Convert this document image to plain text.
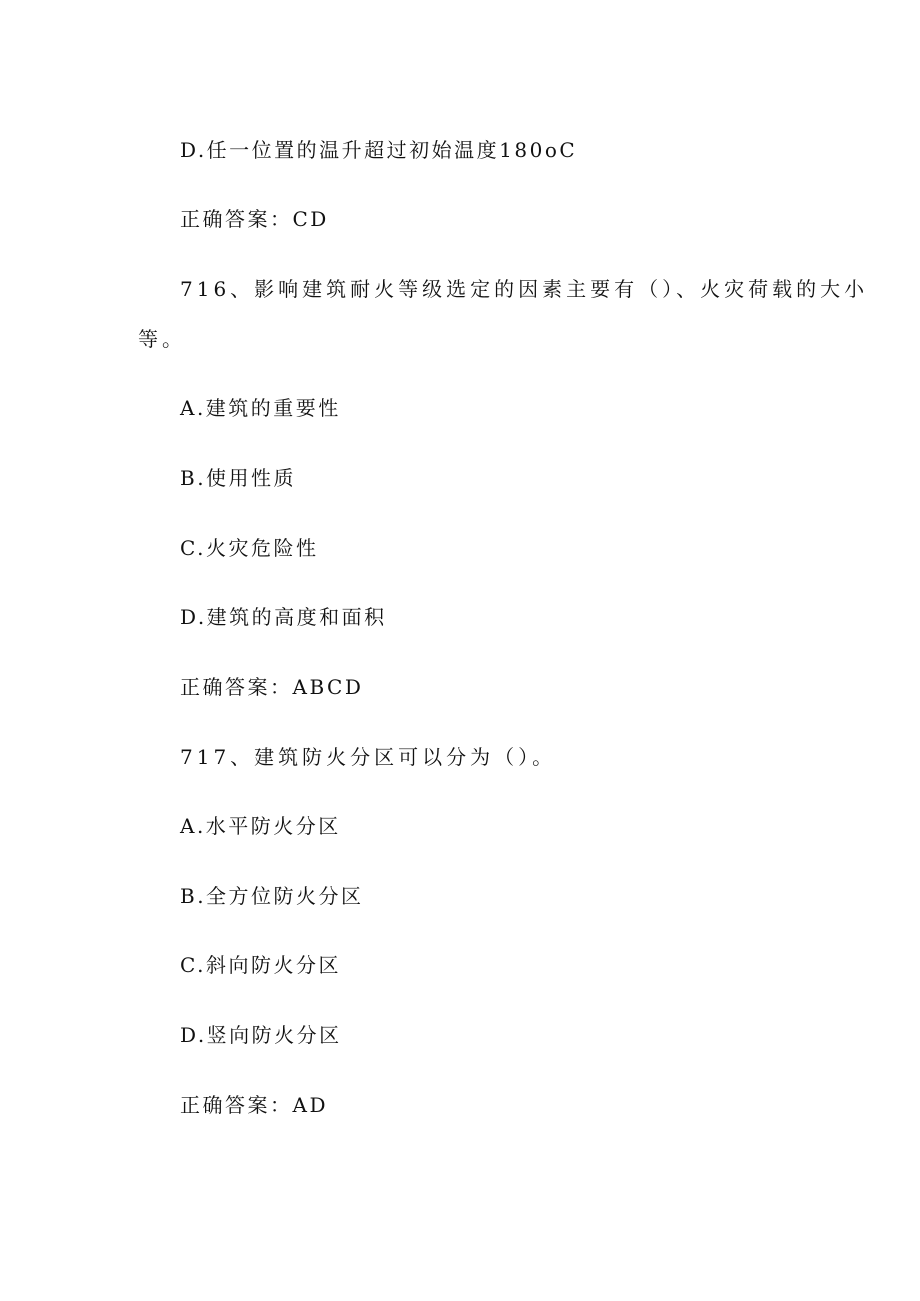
D.任一位置的温升超过初始温度180oC
正确答案：CD
716、影响建筑耐火等级选定的因素主要有（）、火灾荷载的大小
等。
A.建筑的重要性
B.使用性质
C.火灾危险性
D.建筑的高度和面积
正确答案：ABCD
717、建筑防火分区可以分为（）。
A.水平防火分区
B.全方位防火分区
C.斜向防火分区
D.竖向防火分区
正确答案：AD
